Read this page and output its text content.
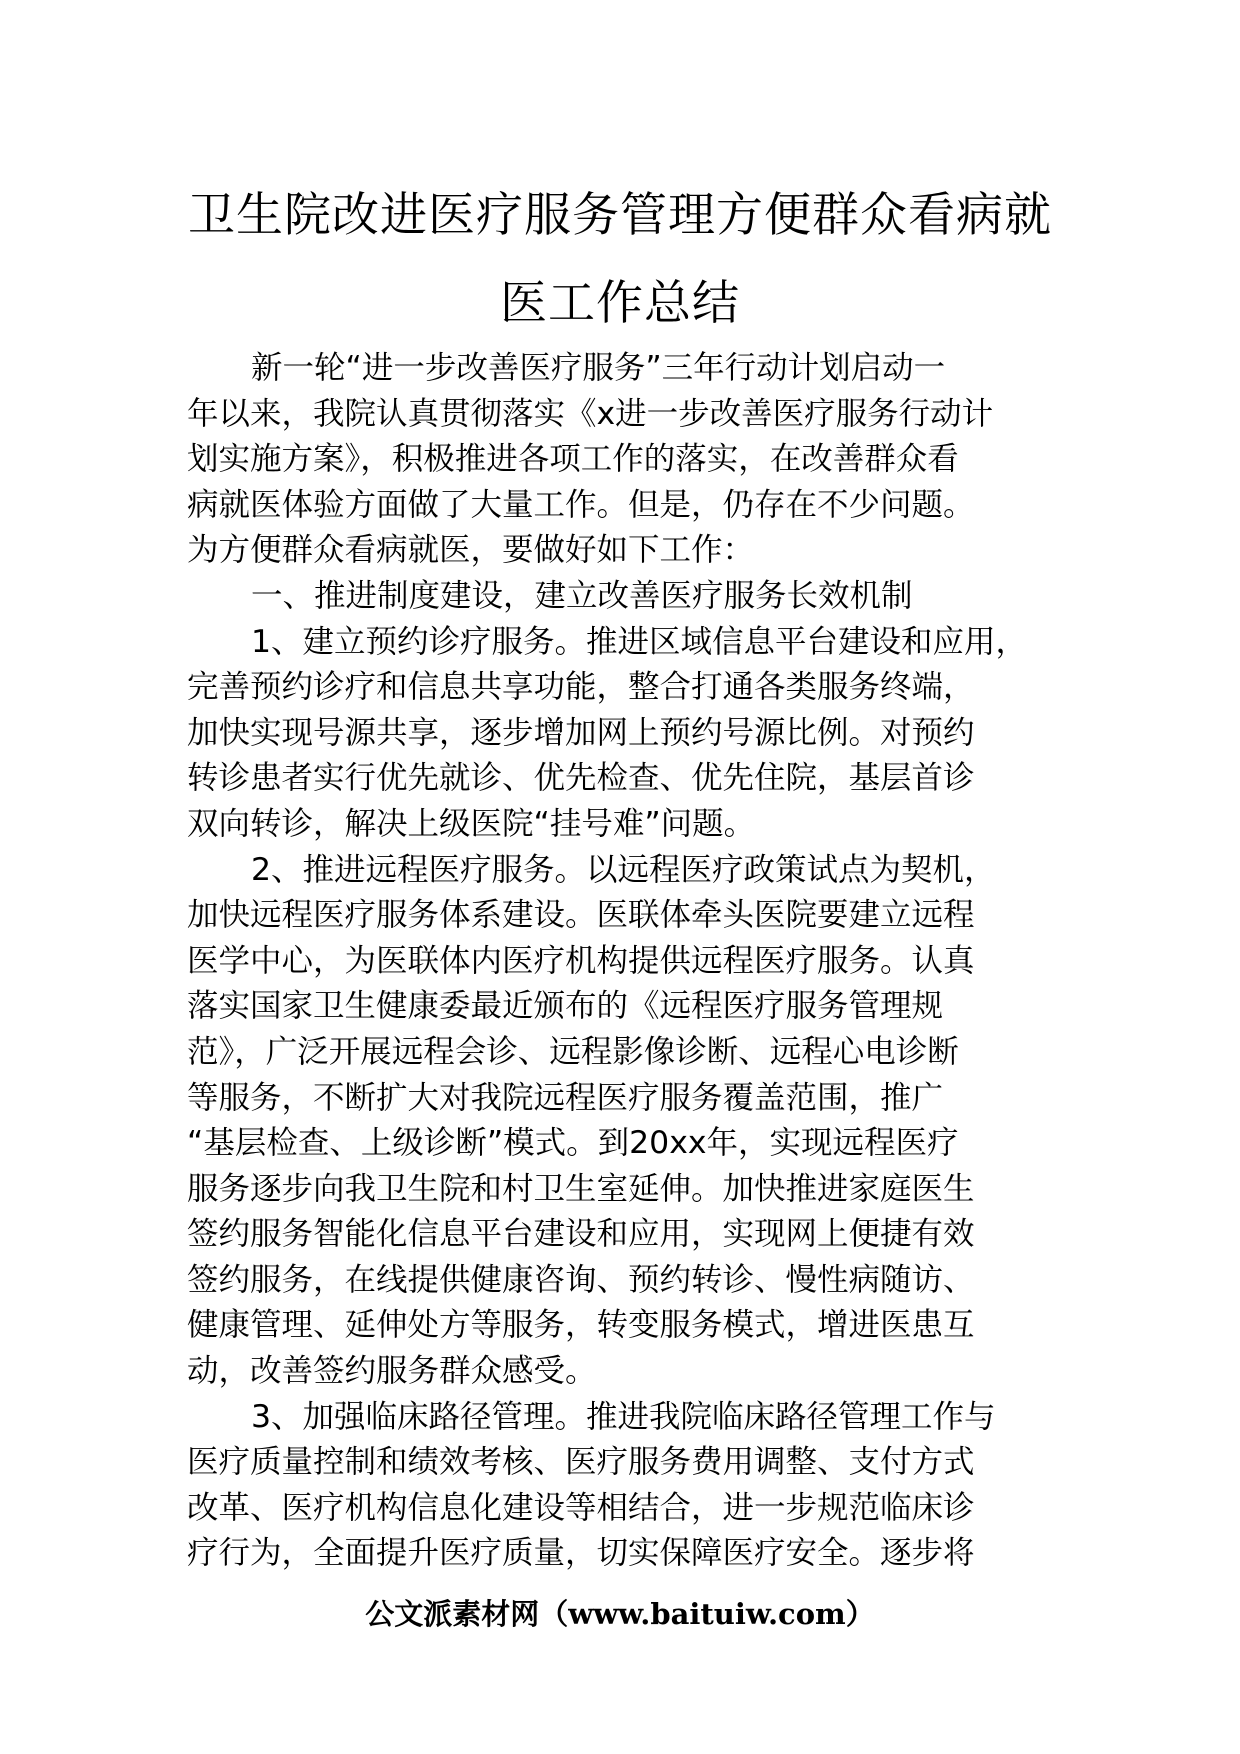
卫生院改进医疗服务管理方便群众看病就
医工作总结
新一轮“进一步改善医疗服务”三年行动计划启动一
年以来，我院认真贯彻落实《x进一步改善医疗服务行动计
划实施方案》，积极推进各项工作的落实，在改善群众看
病就医体验方面做了大量工作。但是，仍存在不少问题。
为方便群众看病就医，要做好如下工作：
一、推进制度建设，建立改善医疗服务长效机制
1、建立预约诊疗服务。推进区域信息平台建设和应用，
完善预约诊疗和信息共享功能，整合打通各类服务终端，
加快实现号源共享，逐步增加网上预约号源比例。对预约
转诊患者实行优先就诊、优先检查、优先住院，基层首诊
双向转诊，解决上级医院“挂号难”问题。
2、推进远程医疗服务。以远程医疗政策试点为契机，
加快远程医疗服务体系建设。医联体牵头医院要建立远程
医学中心，为医联体内医疗机构提供远程医疗服务。认真
落实国家卫生健康委最近颁布的《远程医疗服务管理规
范》，广泛开展远程会诊、远程影像诊断、远程心电诊断
等服务，不断扩大对我院远程医疗服务覆盖范围，推广
“基层检查、上级诊断”模式。到20xx年，实现远程医疗
服务逐步向我卫生院和村卫生室延伸。加快推进家庭医生
签约服务智能化信息平台建设和应用，实现网上便捷有效
签约服务，在线提供健康咨询、预约转诊、慢性病随访、
健康管理、延伸处方等服务，转变服务模式，增进医患互
动，改善签约服务群众感受。
3、加强临床路径管理。推进我院临床路径管理工作与
医疗质量控制和绩效考核、医疗服务费用调整、支付方式
改革、医疗机构信息化建设等相结合，进一步规范临床诊
疗行为，全面提升医疗质量，切实保障医疗安全。逐步将
公文派素材网（www.baituiw.com）
